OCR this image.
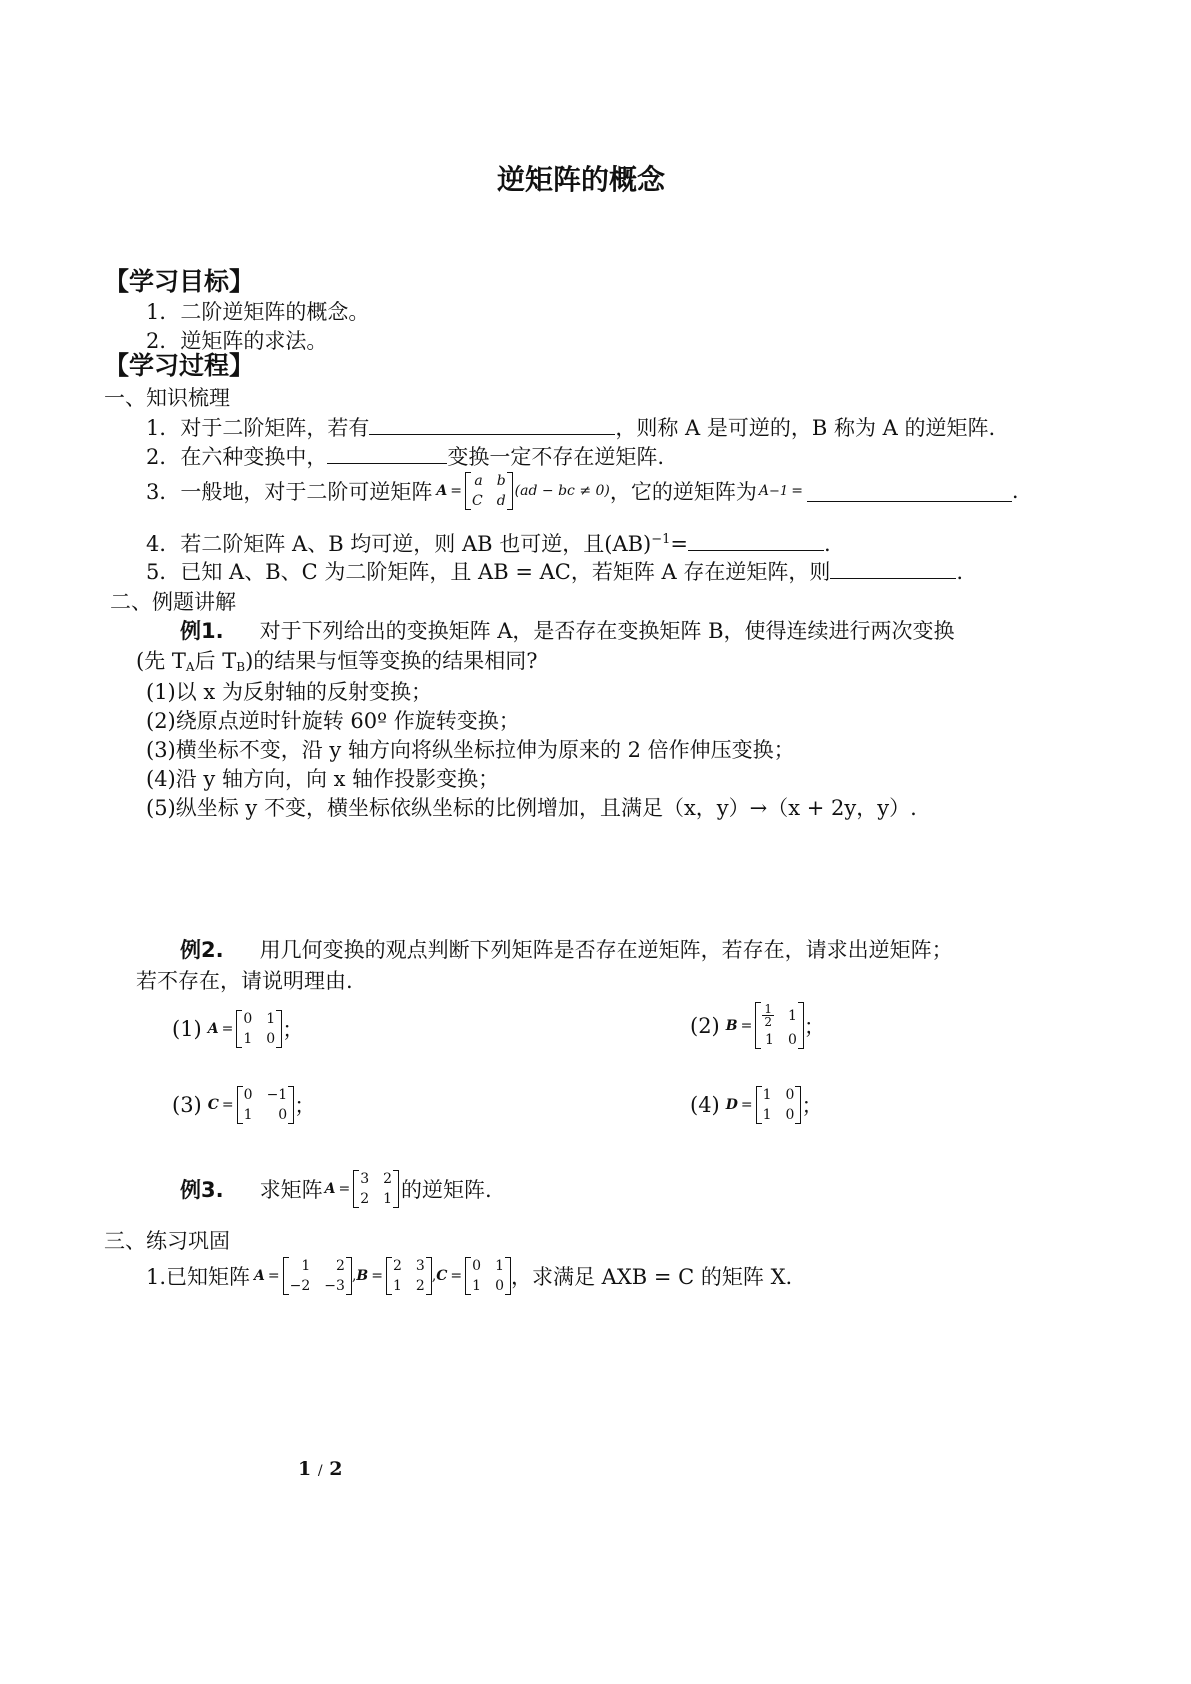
逆矩阵的概念
【学习目标】
1．二阶逆矩阵的概念。
2．逆矩阵的求法。
【学习过程】
一、知识梳理
1．对于二阶矩阵，若有	，则称 A 是可逆的，B 称为 A 的逆矩阵.
2．在六种变换中，	变换一定不存在逆矩阵.
3．一般地，对于二阶可逆矩阵 A =
a b
C d
(ad − bc ≠ 0) ，它的逆矩阵为 A −1 =	.
4．若二阶矩阵 A、B 均可逆，则 AB 也可逆，且(AB)$^{-1}$=	.
5．已知 A、B、C 为二阶矩阵，且 AB = AC，若矩阵 A 存在逆矩阵，则	.
二、例题讲解
例1. 对于下列给出的变换矩阵 A，是否存在变换矩阵 B，使得连续进行两次变换
(先 $T_A$后 $T_B$)的结果与恒等变换的结果相同?
(1)以 x 为反射轴的反射变换；
(2)绕原点逆时针旋转 60º 作旋转变换；
(3)横坐标不变，沿 y 轴方向将纵坐标拉伸为原来的 2 倍作伸压变换；
(4)沿 y 轴方向，向 x 轴作投影变换；
(5)纵坐标 y 不变，横坐标依纵坐标的比例增加，且满足（x，y）→（x + 2y，y）.
例2. 用几何变换的观点判断下列矩阵是否存在逆矩阵，若存在，请求出逆矩阵；
若不存在，请说明理由.
(1) A =
0 1
1 0 ；	(2) $B = \frac{1}{2} 1$
1 0
；
(3) C =
0 −1
1	0 ；	(4) D =
1 0
1 0 ；
例3. 求矩阵 A =
3 2
2 1 的逆矩阵.
三、练习巩固
1.已知矩阵 A =
1	2
−2 −3
, B =
2 3
1 2
, C =
0 1
1 0 ，求满足 AXB = C 的矩阵 X.
1 / 2
